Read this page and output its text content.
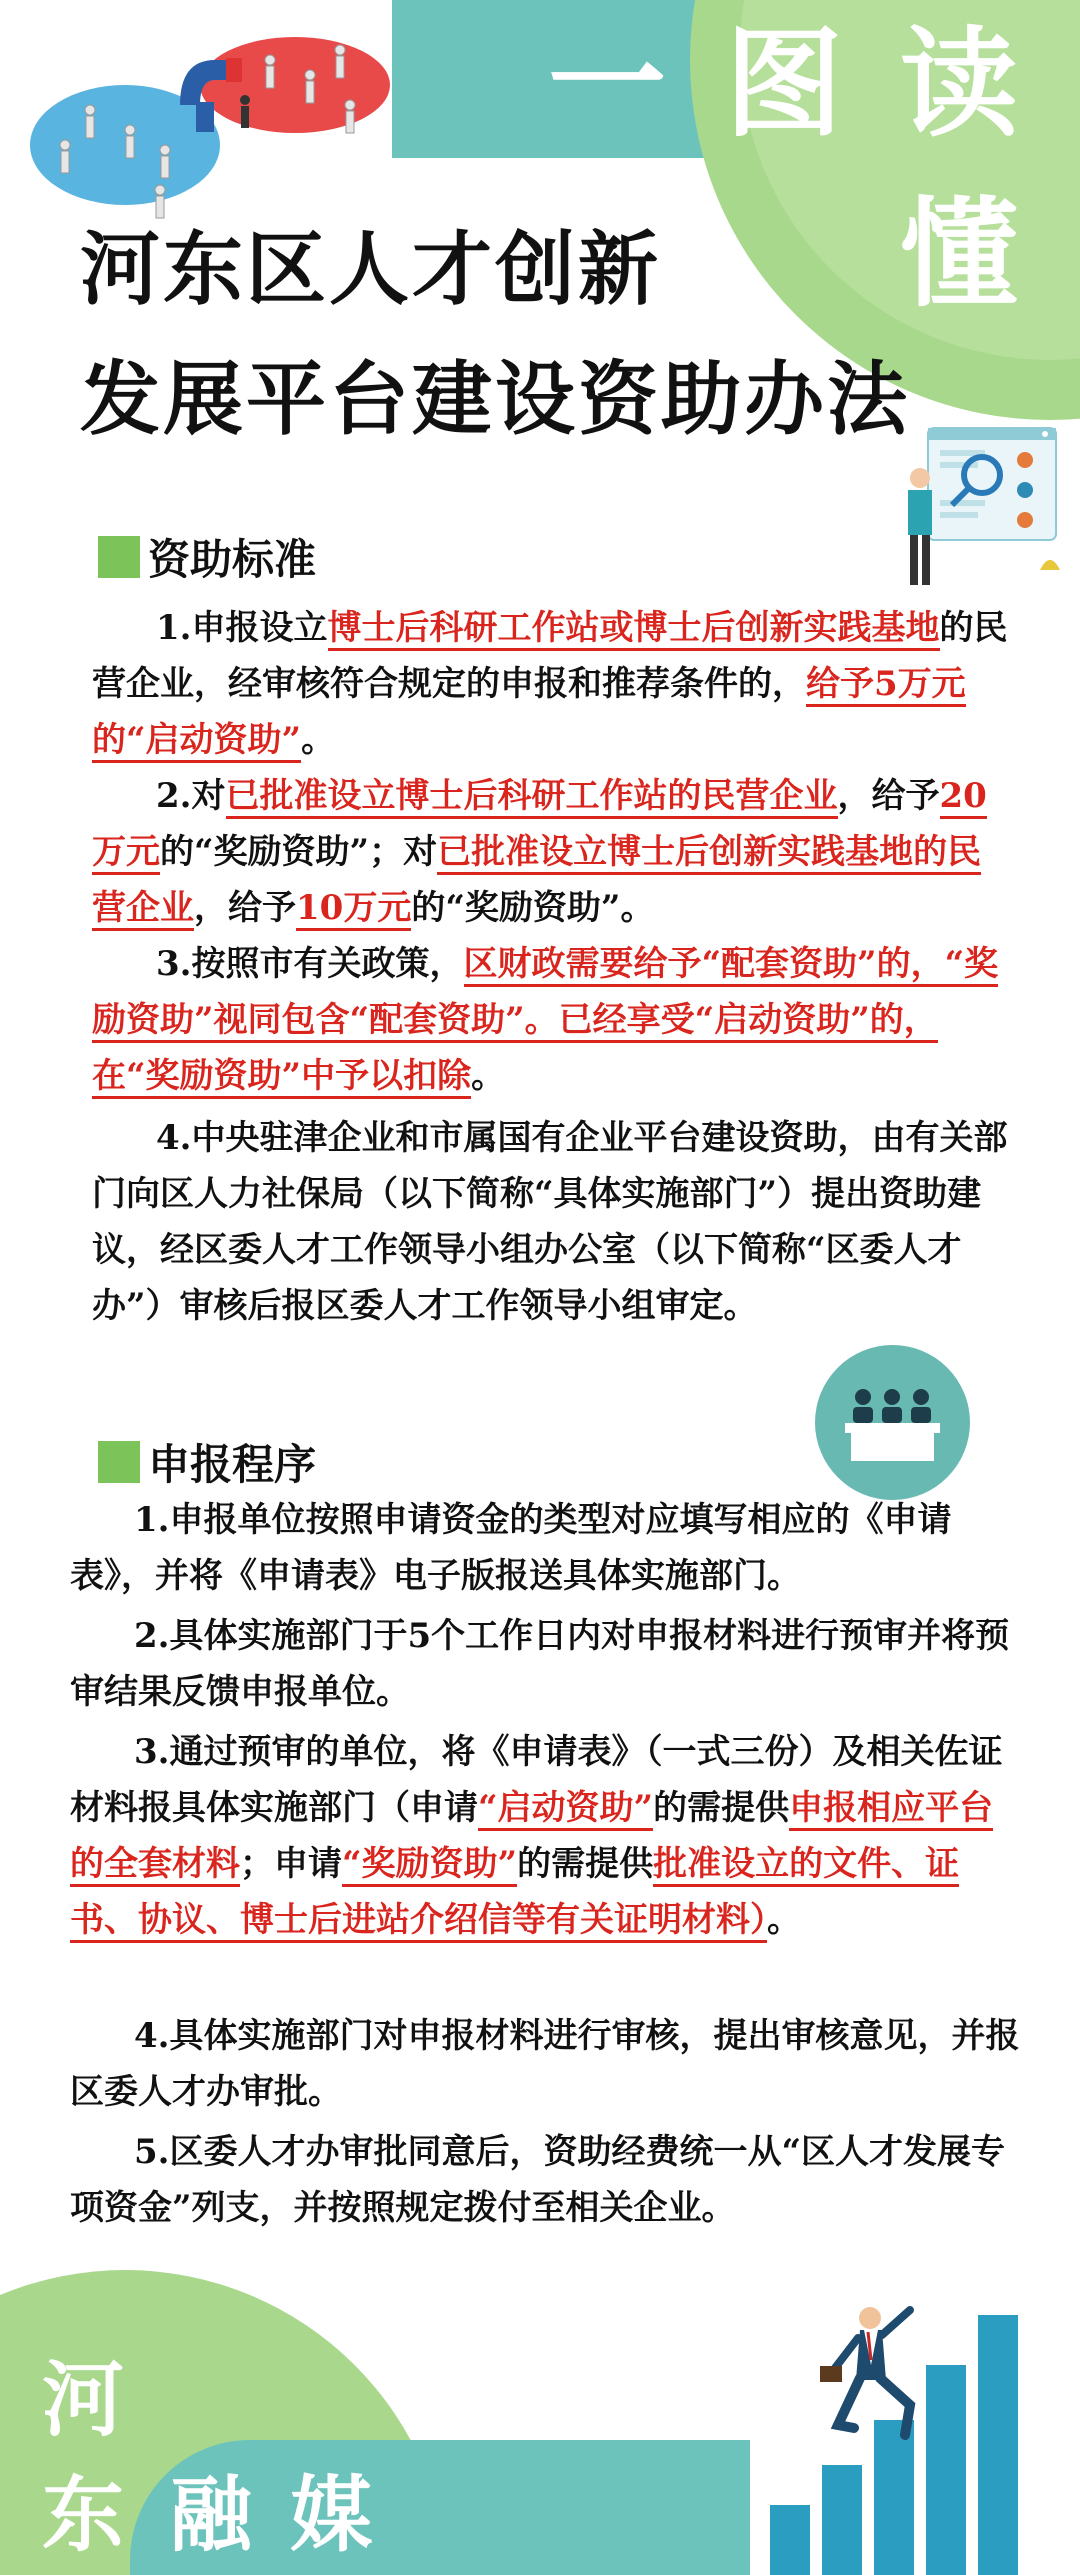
一 图 读
懂
河东区人才创新
发展平台建设资助办法
资助标准
1.申报设立博士后科研工作站或博士后创新实践基地的民营企业，经审核符合规定的申报和推荐条件的，给予5万元的“启动资助”。
2.对已批准设立博士后科研工作站的民营企业，给予20万元的“奖励资助”；对已批准设立博士后创新实践基地的民营企业，给予10万元的“奖励资助”。
3.按照市有关政策，区财政需要给予“配套资助”的，“奖励资助”视同包含“配套资助”。已经享受“启动资助”的，在“奖励资助”中予以扣除。
4.中央驻津企业和市属国有企业平台建设资助，由有关部门向区人力社保局（以下简称“具体实施部门”）提出资助建议，经区委人才工作领导小组办公室（以下简称“区委人才办”）审核后报区委人才工作领导小组审定。
申报程序
1.申报单位按照申请资金的类型对应填写相应的《申请表》，并将《申请表》电子版报送具体实施部门。
2.具体实施部门于5个工作日内对申报材料进行预审并将预审结果反馈申报单位。
3.通过预审的单位，将《申请表》（一式三份）及相关佐证材料报具体实施部门（申请“启动资助”的需提供申报相应平台的全套材料；申请“奖励资助”的需提供批准设立的文件、证书、协议、博士后进站介绍信等有关证明材料）。
4.具体实施部门对申报材料进行审核，提出审核意见，并报区委人才办审批。
5.区委人才办审批同意后，资助经费统一从“区人才发展专项资金”列支，并按照规定拨付至相关企业。
河
东 融 媒
